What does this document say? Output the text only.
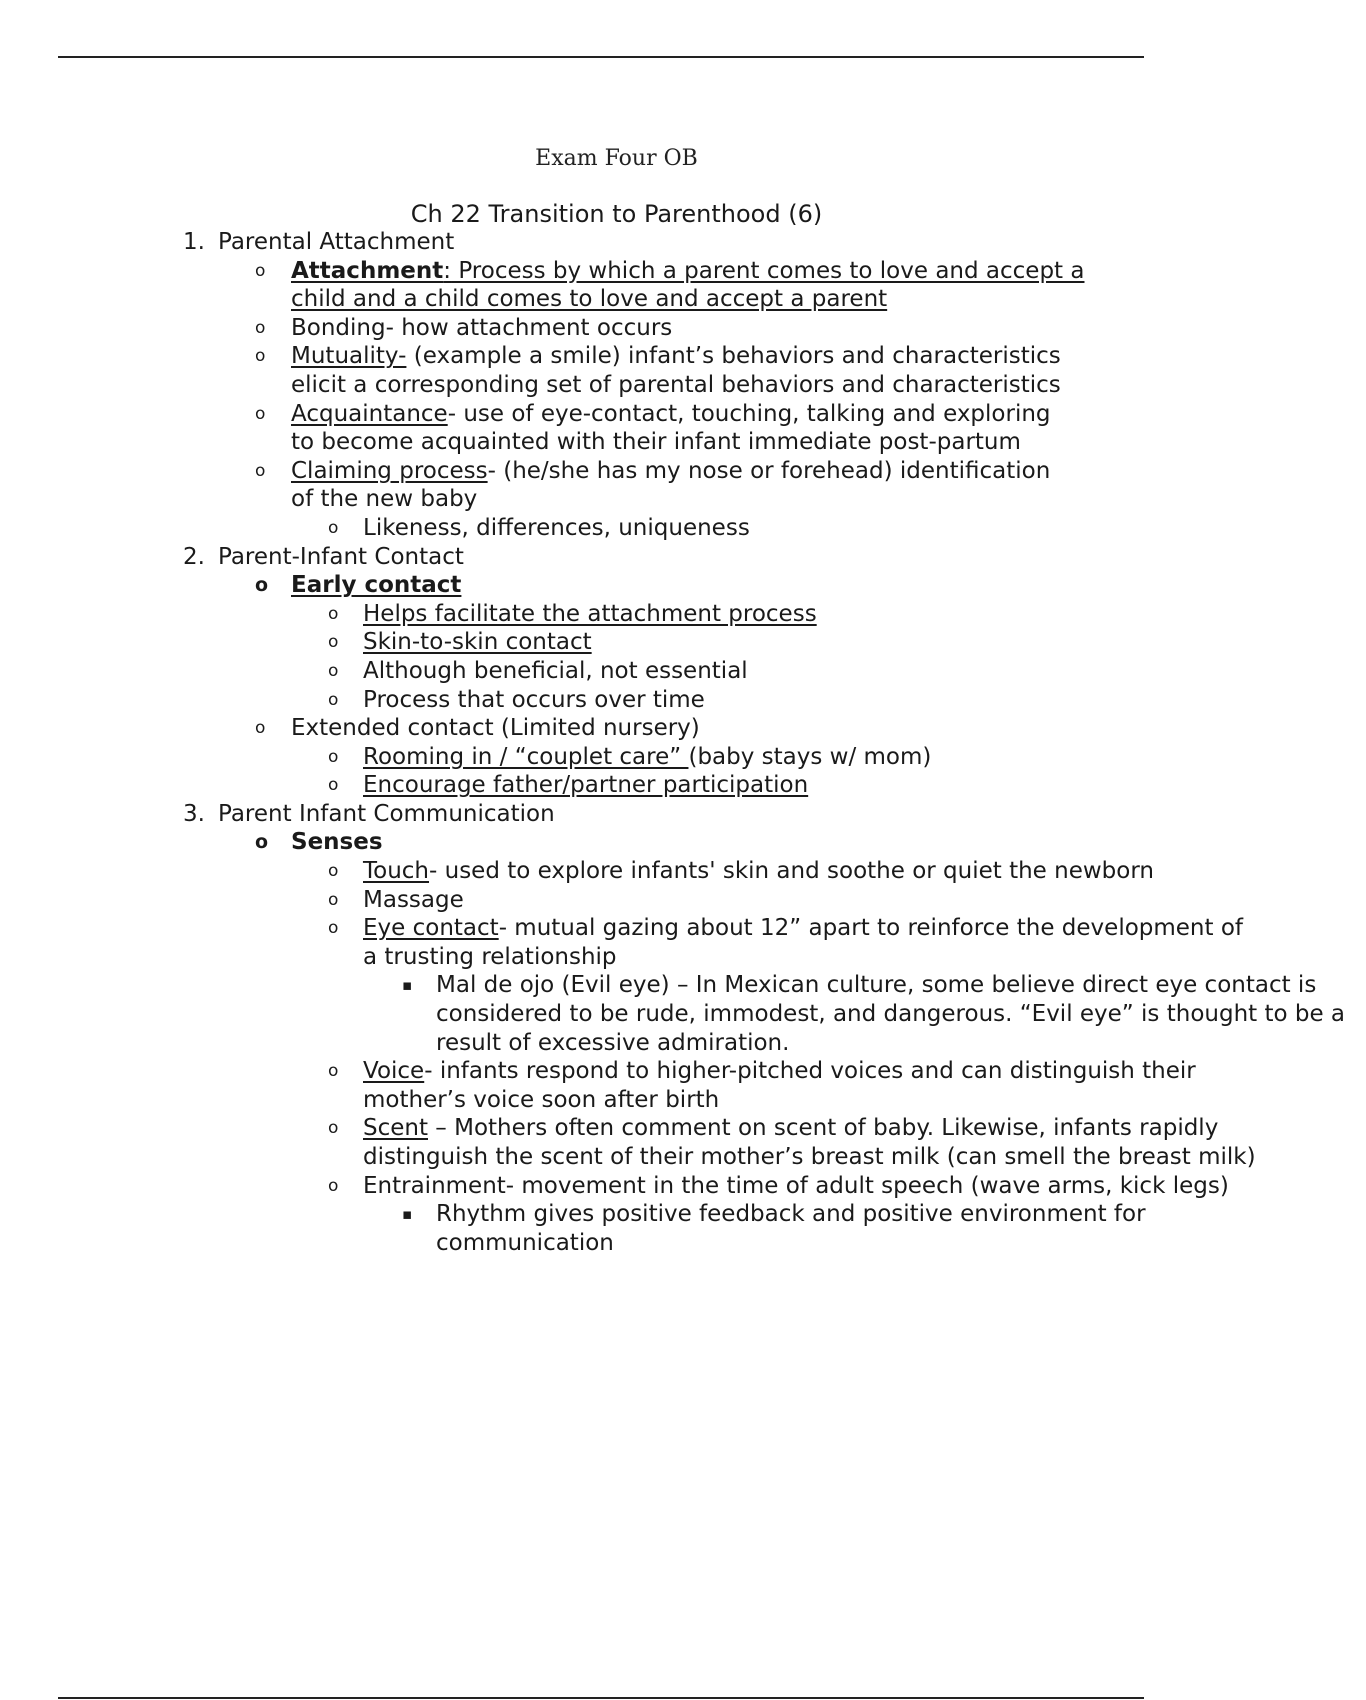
Exam Four OB
Ch 22 Transition to Parenthood (6)
1. Parental Attachment
o Attachment: Process by which a parent comes to love and accept a child and a child comes to love and accept a parent
o Bonding- how attachment occurs
o Mutuality- (example a smile) infant’s behaviors and characteristics elicit a corresponding set of parental behaviors and characteristics
o Acquaintance- use of eye-contact, touching, talking and exploring to become acquainted with their infant immediate post-partum
o Claiming process- (he/she has my nose or forehead) identification of the new baby
o Likeness, differences, uniqueness
2. Parent-Infant Contact
o Early contact
o Helps facilitate the attachment process
o Skin-to-skin contact
o Although beneficial, not essential
o Process that occurs over time
o Extended contact (Limited nursery)
o Rooming in / “couplet care” (baby stays w/ mom)
o Encourage father/partner participation
3. Parent Infant Communication
o Senses
o Touch- used to explore infants' skin and soothe or quiet the newborn
o Massage
o Eye contact- mutual gazing about 12” apart to reinforce the development of a trusting relationship
▪ Mal de ojo (Evil eye) – In Mexican culture, some believe direct eye contact is considered to be rude, immodest, and dangerous. “Evil eye” is thought to be a result of excessive admiration.
o Voice- infants respond to higher-pitched voices and can distinguish their mother’s voice soon after birth
o Scent – Mothers often comment on scent of baby. Likewise, infants rapidly distinguish the scent of their mother’s breast milk (can smell the breast milk)
o Entrainment- movement in the time of adult speech (wave arms, kick legs)
▪ Rhythm gives positive feedback and positive environment for communication
